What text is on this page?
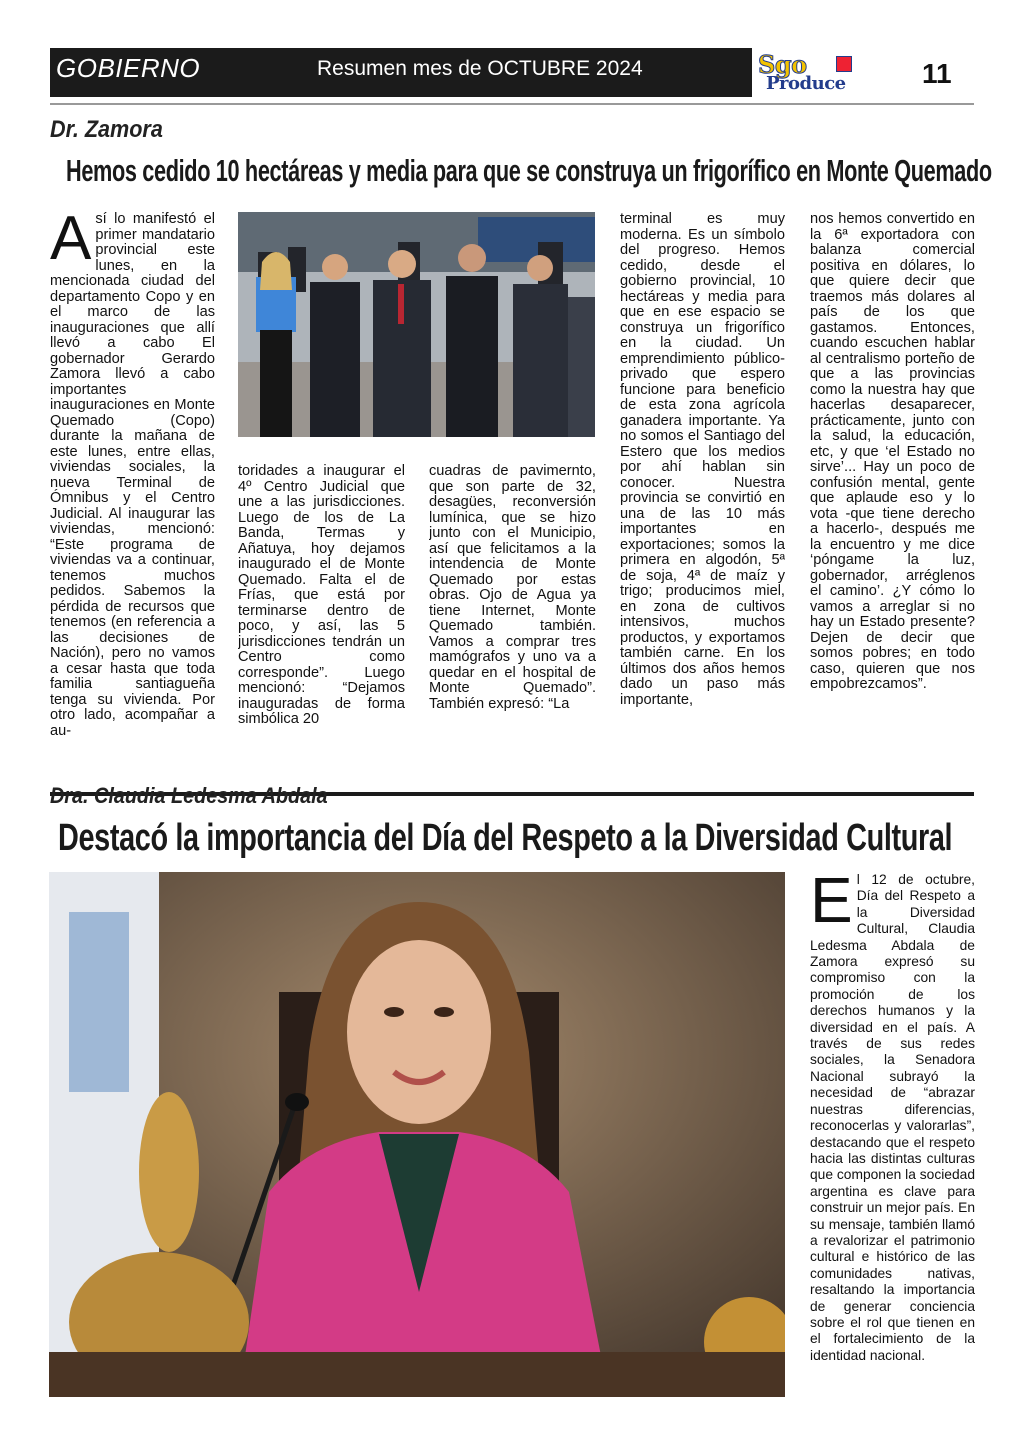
GOBIERNO	Resumen mes de OCTUBRE 2024	Sgo
Produce	11
Dr. Zamora
Hemos cedido 10 hectáreas y media para que se construya un frigorífico en Monte Quemado
A sí lo manifestó el primer mandatario provincial este lunes, en la mencionada ciudad del departamento Copo y en el marco de las inauguraciones que allí llevó a cabo El gobernador Gerardo Zamora llevó a cabo importantes inauguraciones en Monte Quemado (Copo) durante la mañana de este lunes, entre ellas, viviendas sociales, la nueva Terminal de Ómnibus y el Centro Judicial. Al inaugurar las viviendas, mencionó: “Este programa de viviendas va a continuar, tenemos muchos pedidos. Sabemos la pérdida de recursos que tenemos (en referencia a las decisiones de Nación), pero no vamos a cesar hasta que toda familia santiagueña tenga su vivienda. Por otro lado, acompañar a au-
toridades a inaugurar el 4º Centro Judicial que une a las jurisdicciones. Luego de los de La Banda, Termas y Añatuya, hoy dejamos inaugurado el de Monte Quemado. Falta el de Frías, que está por terminarse dentro de poco, y así, las 5 jurisdicciones tendrán un Centro como corresponde”. Luego mencionó: “Dejamos inauguradas de forma simbólica 20
cuadras de pavimernto, que son parte de 32, desagües, reconversión lumínica, que se hizo junto con el Municipio, así que felicitamos a la intendencia de Monte Quemado por estas obras. Ojo de Agua ya tiene Internet, Monte Quemado también. Vamos a comprar tres mamógrafos y uno va a quedar en el hospital de Monte Quemado”. También expresó: “La
terminal es muy moderna. Es un símbolo del progreso. Hemos cedido, desde el gobierno provincial, 10 hectáreas y media para que en ese espacio se construya un frigorífico en la ciudad. Un emprendimiento público-privado que espero funcione para beneficio de esta zona agrícola ganadera importante. Ya no somos el Santiago del Estero que los medios por ahí hablan sin conocer. Nuestra provincia se convirtió en una de las 10 más importantes en exportaciones; somos la primera en algodón, 5ª de soja, 4ª de maíz y trigo; producimos miel, en zona de cultivos intensivos, muchos productos, y exportamos también carne. En los últimos dos años hemos dado un paso más importante,
nos hemos convertido en la 6ª exportadora con balanza comercial positiva en dólares, lo que quiere decir que traemos más dolares al país de los que gastamos. Entonces, cuando escuchen hablar al centralismo porteño de que a las provincias como la nuestra hay que hacerlas desaparecer, prácticamente, junto con la salud, la educación, etc, y que ‘el Estado no sirve’... Hay un poco de confusión mental, gente que aplaude eso y lo vota -que tiene derecho a hacerlo-, después me la encuentro y me dice ‘póngame la luz, gobernador, arréglenos el camino’. ¿Y cómo lo vamos a arreglar si no hay un Estado presente? Dejen de decir que somos pobres; en todo caso, quieren que nos empobrezcamos”.
Dra. Claudia Ledesma Abdala
Destacó la importancia del Día del Respeto a la Diversidad Cultural
E l 12 de octubre, Día del Respeto a la Diversidad Cultural, Claudia Ledesma Abdala de Zamora expresó su compromiso con la promoción de los derechos humanos y la diversidad en el país. A través de sus redes sociales, la Senadora Nacional subrayó la necesidad de “abrazar nuestras diferencias, reconocerlas y valorarlas”, destacando que el respeto hacia las distintas culturas que componen la sociedad argentina es clave para construir un mejor país. En su mensaje, también llamó a revalorizar el patrimonio cultural e histórico de las comunidades nativas, resaltando la importancia de generar conciencia sobre el rol que tienen en el fortalecimiento de la identidad nacional.
